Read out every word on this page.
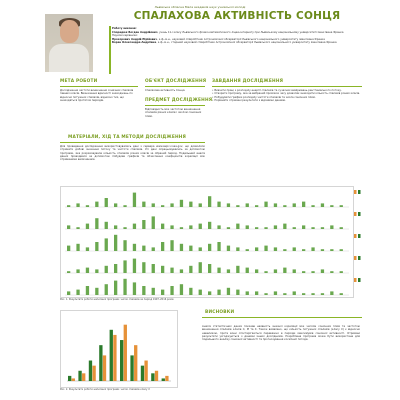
Львівська обласна Мала академія наук учнівської молоді
СПАЛАХОВА АКТИВНІСТЬ СОНЦЯ
Роботу виконав:
Спорадюк Богдан Андрійович, учень 11-і класу Львівського фізико-математичного ліцею-інтернату при Львівському національному університеті імені Івана Франка
Наукові керівники:
Прохорович Андрій Юрійович, к.ф.-м.н., науковий співробітник Астрономічної обсерваторії Львівського національного університету імені Івана Франка
Боран Олександра Андріївна, к.ф.-м.н., старший науковий співробітник Астрономічної обсерваторії Львівського національного університету імені Івана Франка
МЕТА РОБОТИ
Дослідження частоти виникнення сонячних спалахів певних класів. Визначення вдасності знаходжень по відносно потужних спалахів, відносно тих, що знаходяться протягом періодів.
ОБ'ЄКТ ДОСЛІДЖЕННЯ
Спалахова активність Сонця.
ПРЕДМЕТ ДОСЛІДЖЕННЯ
Відповідність між частотою виникнення спалахів різних класів і числом сонячних плям.
ЗАВДАННЯ ДОСЛІДЖЕННЯ
• Вивчити праці з розподілу енергії спалахів та сучасних вимірювань рентгенівського потоку.
• Створити програму, яка за вибраний проміжок часу дозволяє знаходити кількість спалахів різних класів.
• Побудувати графіки розподілу частоти спалахів та числа сонячних плям.
• Порівняти отримані результати з відомими даними.
МАТЕРІАЛИ, ХІД ТА МЕТОДИ ДОСЛІДЖЕННЯ
Для проведення дослідження використовувались дані з сервера www.swpc.noaa.gov, що дозволяло отримати добові значення потоку та частоти спалахів. Усі дані опрацьовувались за допомогою програми, яка розраховувала кількість спалахів різних класів за обраний період. Подальший аналіз даних проводився за допомогою побудови графіків та обчислення коефіцієнтів кореляції між отриманими величинами.
Рис. 1. Результати роботи написаної програми: число спалахів за період 1997–2016 років
ВИСНОВКИ
Аналіз статистичних даних показав наявність значної кореляції між числом сонячних плям та частотою виникнення спалахів класів C, M та X. Також виявлено, що кількість потужних спалахів (класу X) є відносно невеликою, проте вони спостерігаються переважно в періоди максимумів сонячної активності. Отримані результати узгоджуються з даними інших дослідників. Розроблена програма може бути використана для подальшого аналізу сонячної активності та прогнозування космічної погоди.
Рис. 2. Результати роботи написаної програми: число спалахів класу X
